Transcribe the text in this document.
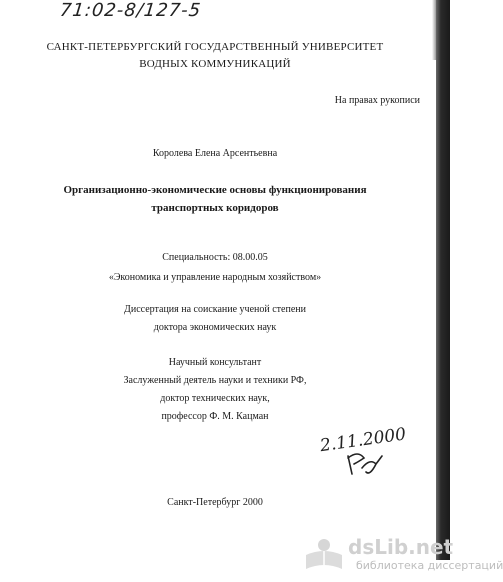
71:02-8/127-5
САНКТ-ПЕТЕРБУРГСКИЙ ГОСУДАРСТВЕННЫЙ УНИВЕРСИТЕТ
ВОДНЫХ КОММУНИКАЦИЙ
На правах рукописи
Королева Елена Арсентьевна
Организационно-экономические основы функционирования
транспортных коридоров
Специальность: 08.00.05
«Экономика и управление народным хозяйством»
Диссертация на соискание ученой степени
доктора экономических наук
Научный консультант
Заслуженный деятель науки и техники РФ,
доктор технических наук,
профессор Ф. М. Кацман
2.11.2000
Санкт-Петербург 2000
dsLib.net
библиотека диссертаций
